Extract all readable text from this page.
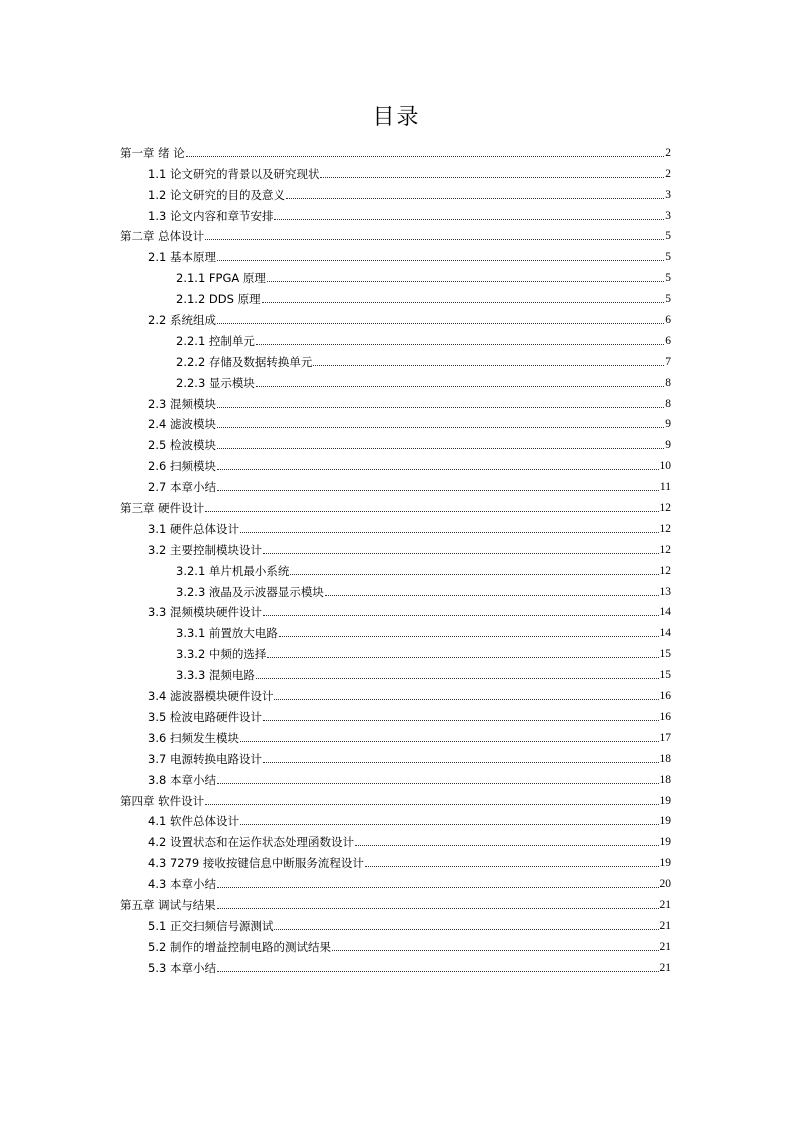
目录
第一章 绪 论	2
1.1 论文研究的背景以及研究现状	2
1.2 论文研究的目的及意义	3
1.3 论文内容和章节安排	3
第二章 总体设计	5
2.1 基本原理	5
2.1.1 FPGA 原理	5
2.1.2 DDS 原理	5
2.2 系统组成	6
2.2.1 控制单元	6
2.2.2 存储及数据转换单元	7
2.2.3 显示模块	8
2.3 混频模块	8
2.4 滤波模块	9
2.5 检波模块	9
2.6 扫频模块	10
2.7 本章小结	11
第三章 硬件设计	12
3.1 硬件总体设计	12
3.2 主要控制模块设计	12
3.2.1 单片机最小系统	12
3.2.3 液晶及示波器显示模块	13
3.3 混频模块硬件设计	14
3.3.1 前置放大电路	14
3.3.2 中频的选择	15
3.3.3 混频电路	15
3.4 滤波器模块硬件设计	16
3.5 检波电路硬件设计	16
3.6 扫频发生模块	17
3.7 电源转换电路设计	18
3.8 本章小结	18
第四章 软件设计	19
4.1 软件总体设计	19
4.2 设置状态和在运作状态处理函数设计	19
4.3 7279 接收按键信息中断服务流程设计	19
4.3 本章小结	20
第五章 调试与结果	21
5.1 正交扫频信号源测试	21
5.2 制作的增益控制电路的测试结果	21
5.3 本章小结	21
